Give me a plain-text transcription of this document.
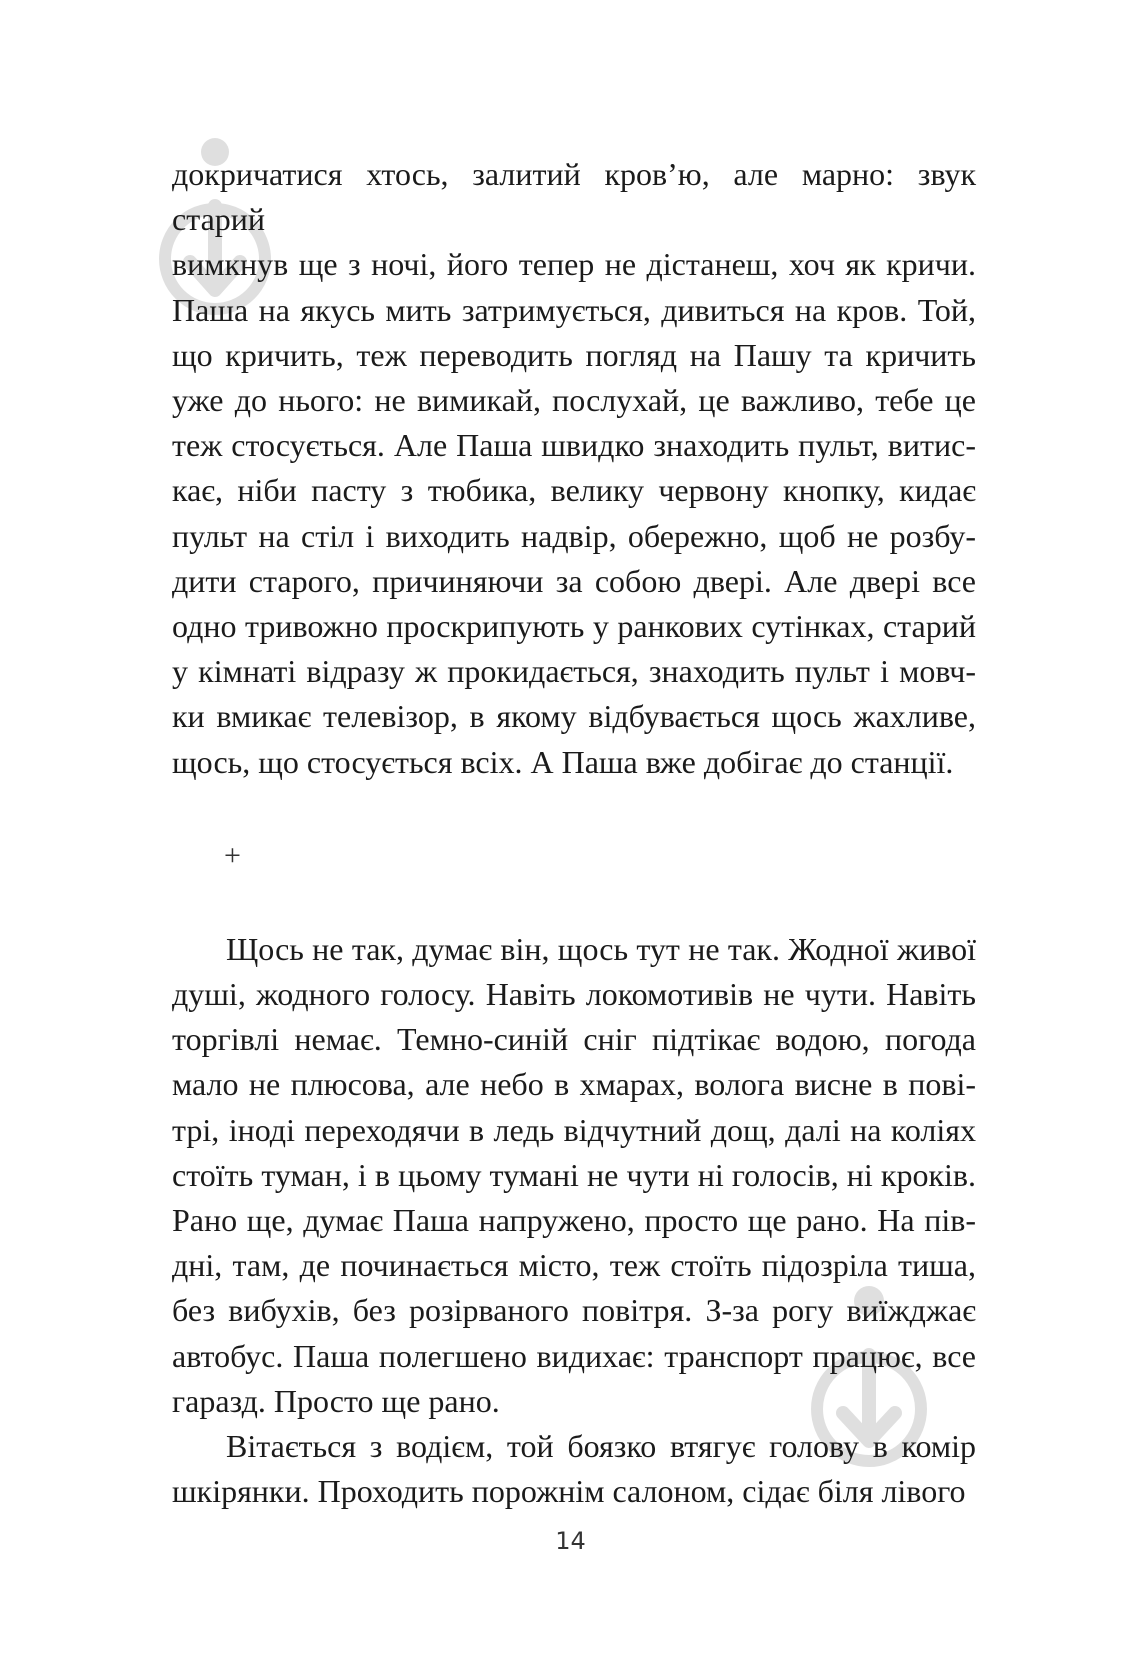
докричатися хтось, залитий кров’ю, але марно: звук старий
вимкнув ще з ночі, його тепер не дістанеш, хоч як кричи.
Паша на якусь мить затримується, дивиться на кров. Той,
що кричить, теж переводить погляд на Пашу та кричить
уже до нього: не вимикай, послухай, це важливо, тебе це
теж стосується. Але Паша швидко знаходить пульт, витис-
кає, ніби пасту з тюбика, велику червону кнопку, кидає
пульт на стіл і виходить надвір, обережно, щоб не розбу-
дити старого, причиняючи за собою двері. Але двері все
одно тривожно проскрипують у ранкових сутінках, старий
у кімнаті відразу ж прокидається, знаходить пульт і мовч-
ки вмикає телевізор, в якому відбувається щось жахливе,
щось, що стосується всіх. А Паша вже добігає до станції.

+

Щось не так, думає він, щось тут не так. Жодної живої
душі, жодного голосу. Навіть локомотивів не чути. Навіть
торгівлі немає. Темно-синій сніг підтікає водою, погода
мало не плюсова, але небо в хмарах, волога висне в пові-
трі, іноді переходячи в ледь відчутний дощ, далі на коліях
стоїть туман, і в цьому тумані не чути ні голосів, ні кроків.
Рано ще, думає Паша напружено, просто ще рано. На пів-
дні, там, де починається місто, теж стоїть підозріла тиша,
без вибухів, без розірваного повітря. З-за рогу виїжджає
автобус. Паша полегшено видихає: транспорт працює, все
гаразд. Просто ще рано.

Вітається з водієм, той боязко втягує голову в комір
шкірянки. Проходить порожнім салоном, сідає біля лівого

14
